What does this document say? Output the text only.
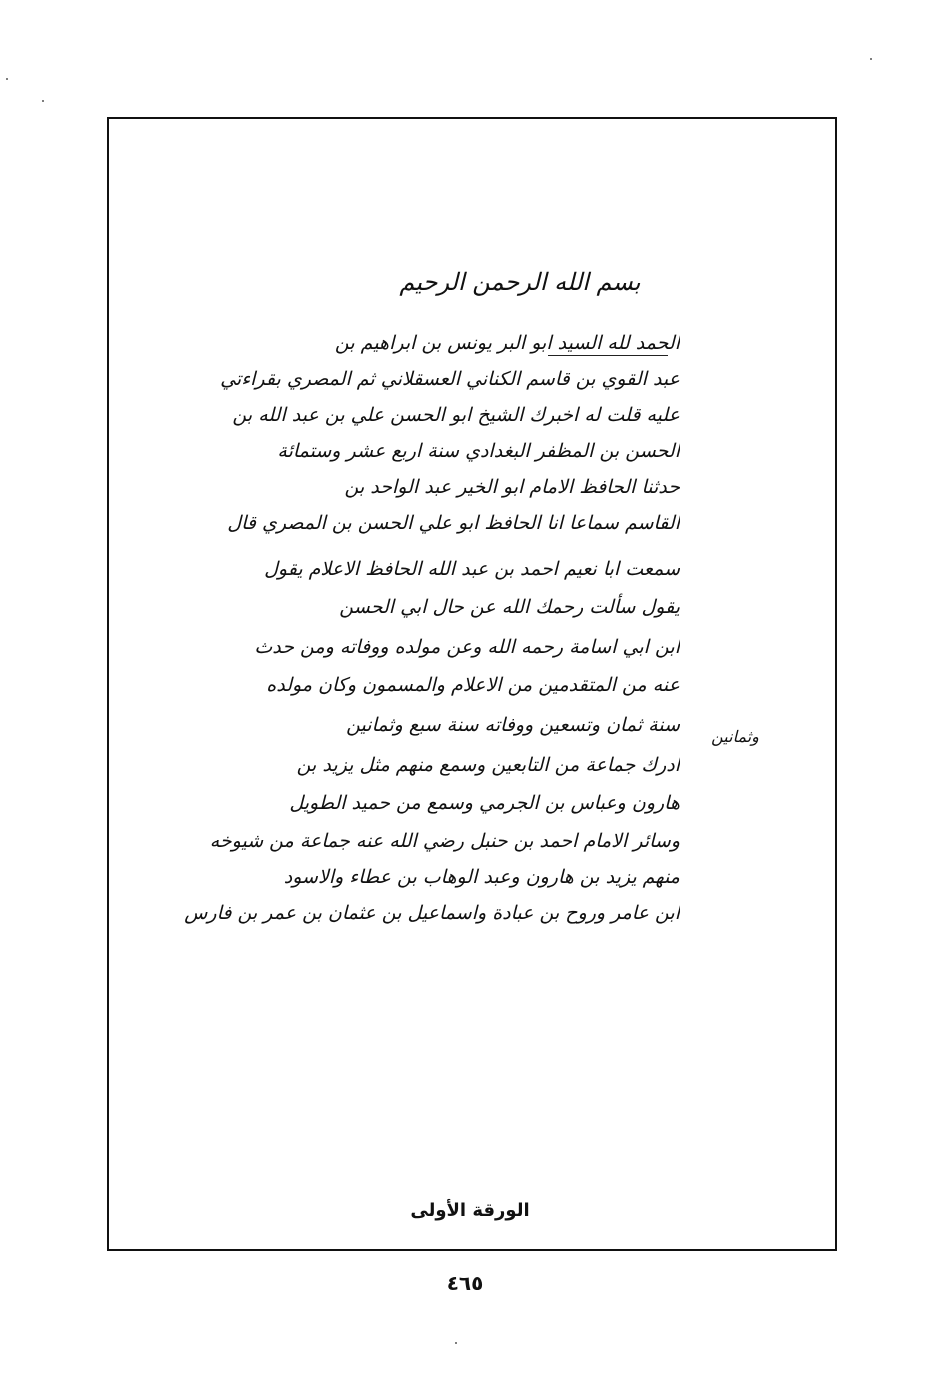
بسم الله الرحمن الرحيم
الحمد لله السيد ابو البر يونس بن ابراهيم بن
عبد القوي بن قاسم الكناني العسقلاني ثم المصري بقراءتي
عليه قلت له اخبرك الشيخ ابو الحسن علي بن عبد الله بن
الحسن بن المظفر البغدادي سنة اربع عشر وستمائة
حدثنا الحافظ الامام ابو الخير عبد الواحد بن
القاسم سماعا انا الحافظ ابو علي الحسن بن المصري قال
سمعت ابا نعيم احمد بن عبد الله الحافظ الاعلام يقول
يقول سألت رحمك الله عن حال ابي الحسن
ابن ابي اسامة رحمه الله وعن مولده ووفاته ومن حدث
عنه من المتقدمين من الاعلام والمسمون وكان مولده
سنة ثمان وتسعين ووفاته سنة سبع وثمانين
ادرك جماعة من التابعين وسمع منهم مثل يزيد بن
هارون وعباس بن الجرمي وسمع من حميد الطويل
وسائر الامام احمد بن حنبل رضي الله عنه جماعة من شيوخه
منهم يزيد بن هارون وعبد الوهاب بن عطاء والاسود
ابن عامر وروح بن عبادة واسماعيل بن عثمان بن عمر بن فارس
وثمانين
الورقة الأولى
٤٦٥
